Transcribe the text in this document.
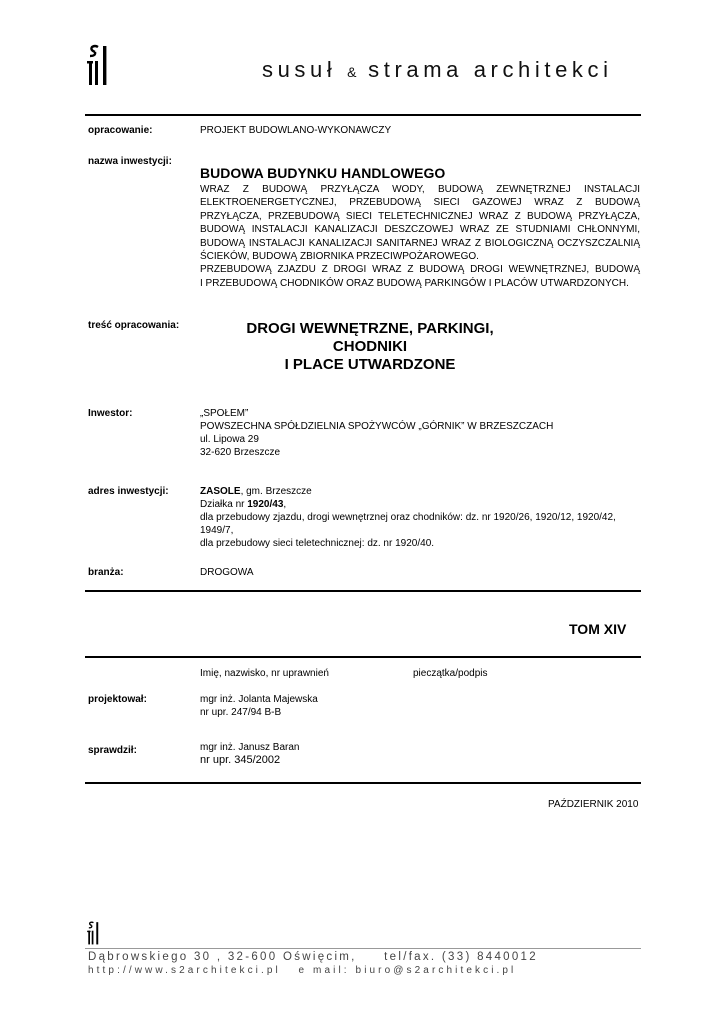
susuł & strama architekci
opracowanie:	PROJEKT BUDOWLANO-WYKONAWCZY
nazwa inwestycji:
BUDOWA BUDYNKU HANDLOWEGO
WRAZ Z BUDOWĄ PRZYŁĄCZA WODY, BUDOWĄ ZEWNĘTRZNEJ INSTALACJI
ELEKTROENERGETYCZNEJ, PRZEBUDOWĄ SIECI GAZOWEJ WRAZ Z BUDOWĄ
PRZYŁĄCZA, PRZEBUDOWĄ SIECI TELETECHNICZNEJ WRAZ Z BUDOWĄ PRZYŁĄCZA,
BUDOWĄ INSTALACJI KANALIZACJI DESZCZOWEJ WRAZ ZE STUDNIAMI CHŁONNYMI,
BUDOWĄ INSTALACJI KANALIZACJI SANITARNEJ WRAZ Z BIOLOGICZNĄ OCZYSZCZALNIĄ
ŚCIEKÓW, BUDOWĄ ZBIORNIKA PRZECIWPOŻAROWEGO.
PRZEBUDOWĄ ZJAZDU Z DROGI WRAZ Z BUDOWĄ DROGI WEWNĘTRZNEJ, BUDOWĄ
I PRZEBUDOWĄ CHODNIKÓW ORAZ BUDOWĄ PARKINGÓW I PLACÓW UTWARDZONYCH.
treść opracowania:	DROGI WEWNĘTRZNE, PARKINGI, CHODNIKI
I PLACE UTWARDZONE
Inwestor:	„SPOŁEM”
POWSZECHNA SPÓŁDZIELNIA SPOŻYWCÓW „GÓRNIK” W BRZESZCZACH
ul. Lipowa 29
32-620 Brzeszcze
adres inwestycji:	ZASOLE, gm. Brzeszcze
Działka nr 1920/43,
dla przebudowy zjazdu, drogi wewnętrznej oraz chodników: dz. nr 1920/26, 1920/12, 1920/42,
1949/7,
dla przebudowy sieci teletechnicznej: dz. nr 1920/40.
branża:	DROGOWA
TOM XIV
Imię, nazwisko, nr uprawnień	pieczątka/podpis
projektował:	mgr inż. Jolanta Majewska
nr upr. 247/94 B-B
sprawdził:	mgr inż. Janusz Baran
nr upr. 345/2002
PAŹDZIERNIK 2010
Dąbrowskiego 30 , 32-600 Oświęcim,     tel/fax. (33) 8440012
http://www.s2architekci.pl   e mail: biuro@s2architekci.pl
